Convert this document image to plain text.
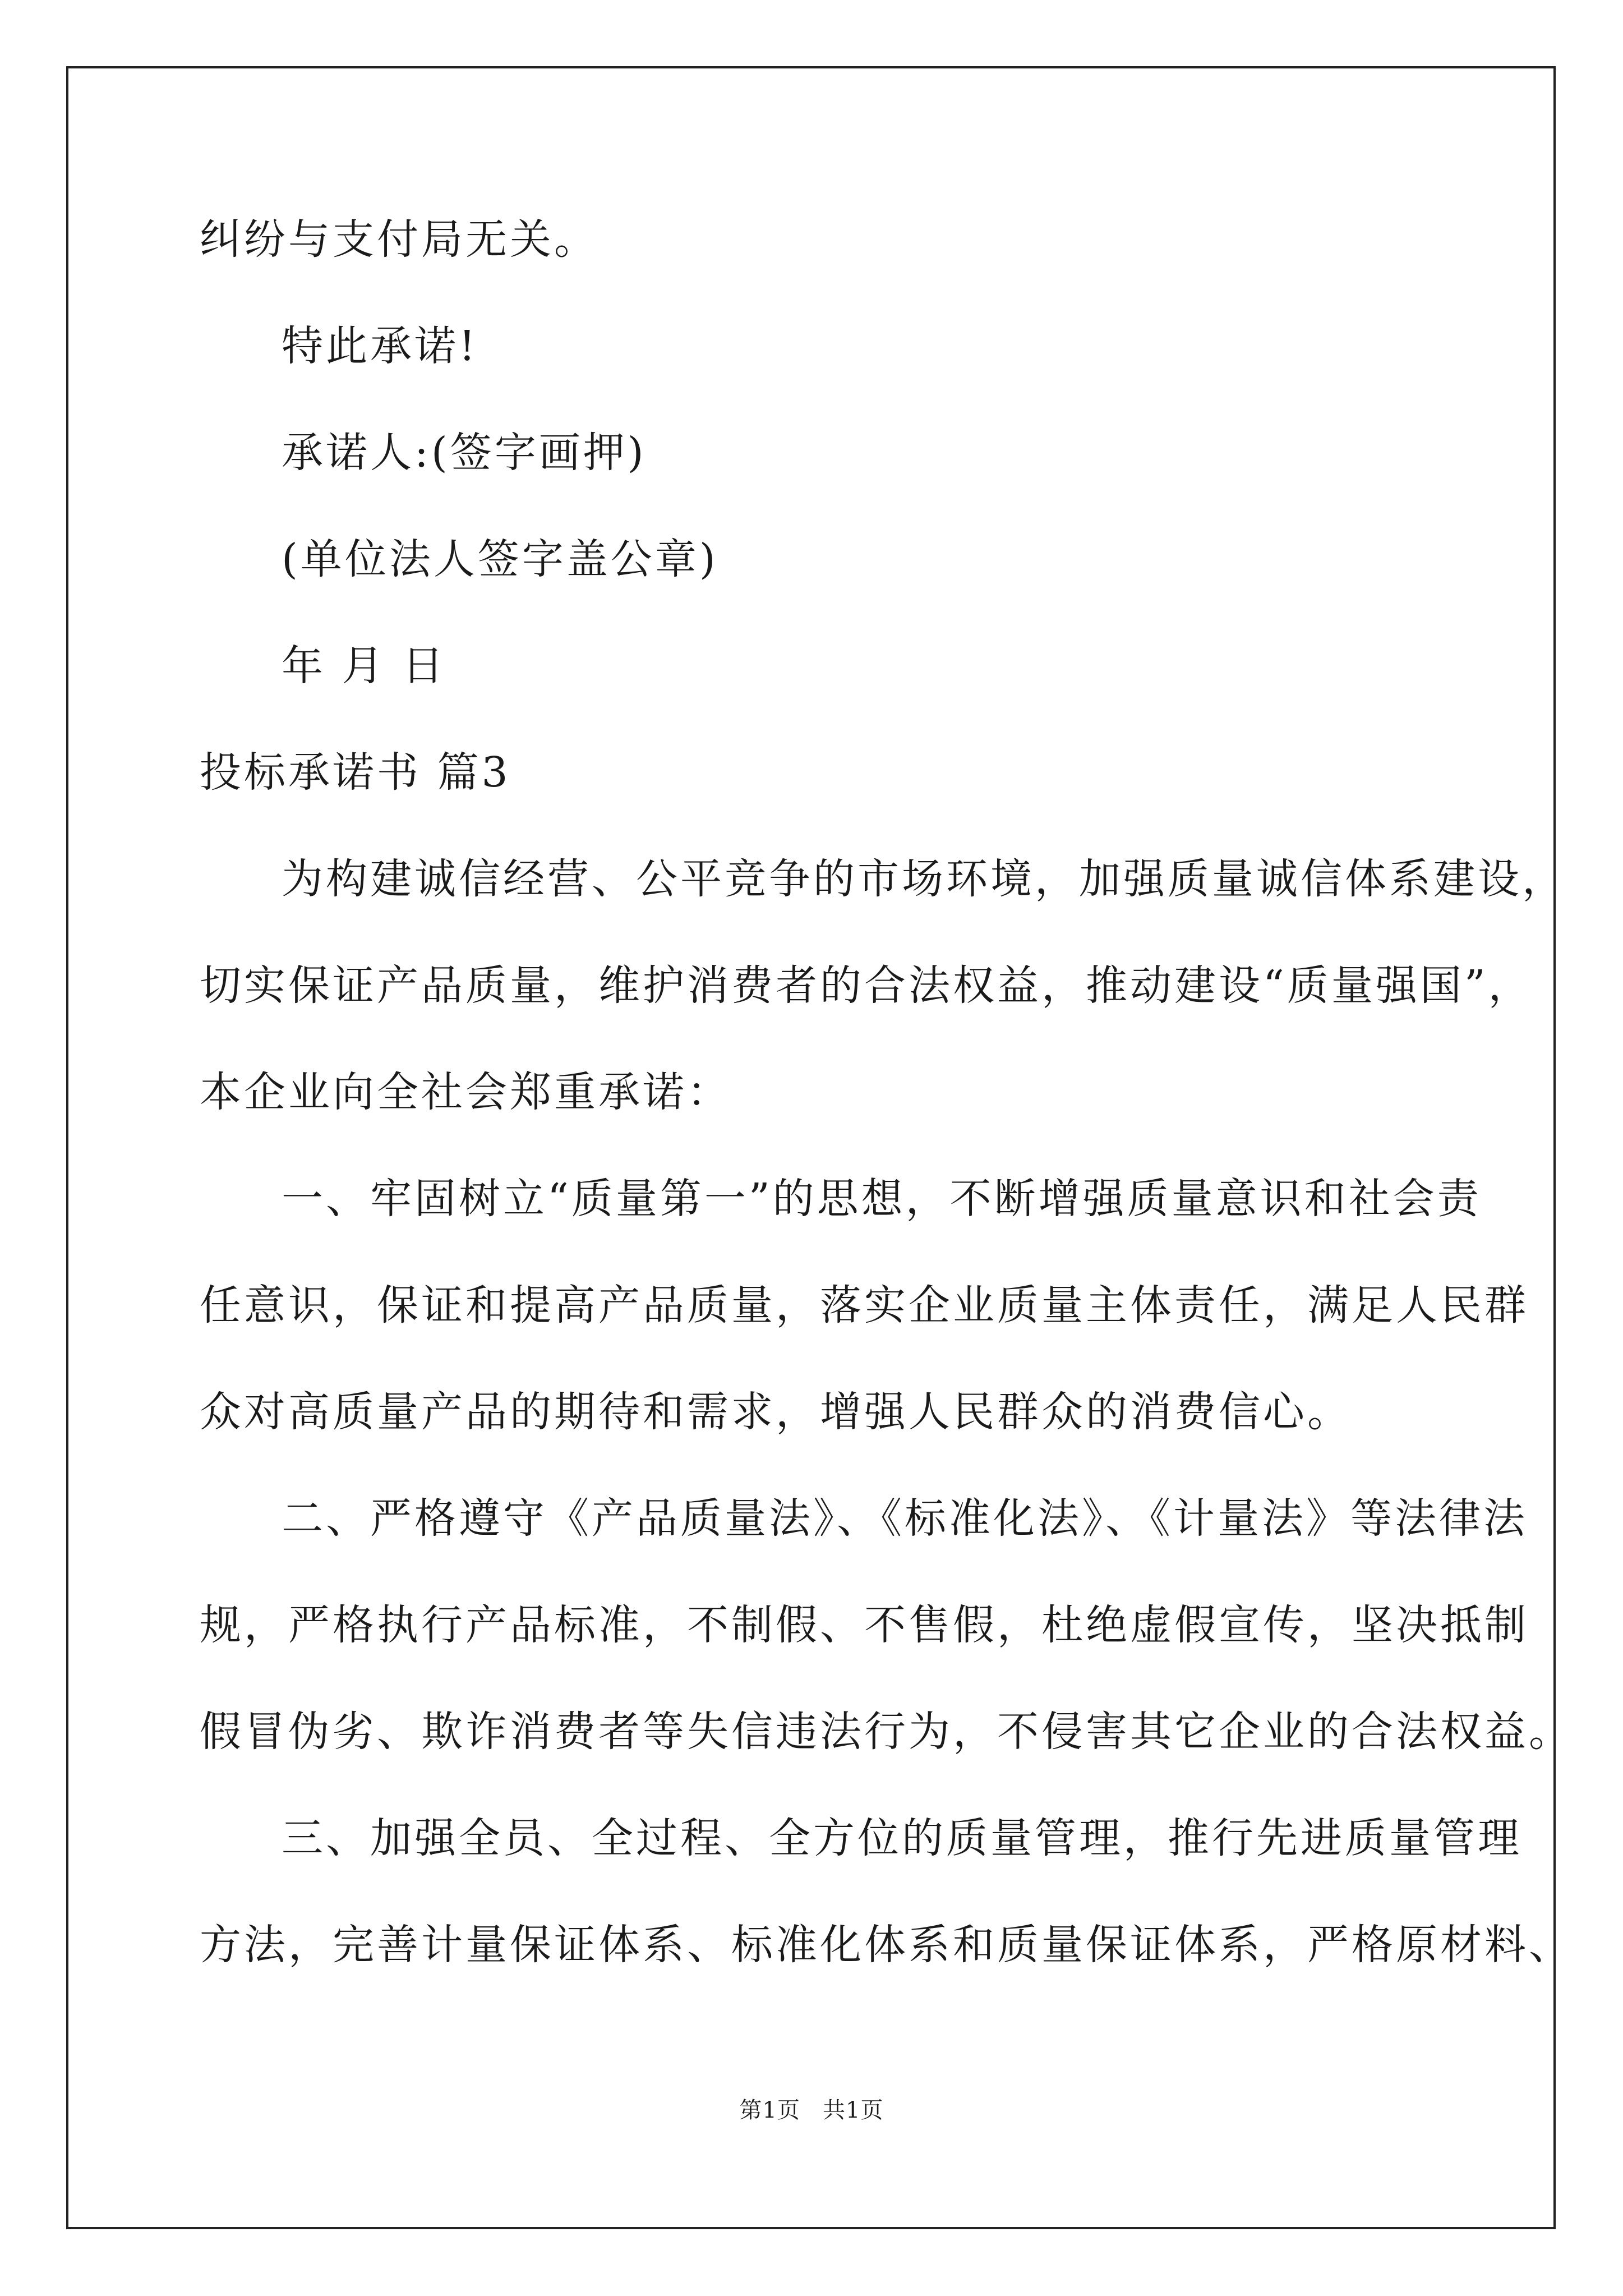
纠纷与支付局无关。
特此承诺!
承诺人:(签字画押)
(单位法人签字盖公章)
年 月 日
投标承诺书 篇3
为构建诚信经营、公平竞争的市场环境，加强质量诚信体系建设，
切实保证产品质量，维护消费者的合法权益，推动建设“质量强国”，
本企业向全社会郑重承诺：
一、牢固树立“质量第一”的思想，不断增强质量意识和社会责
任意识，保证和提高产品质量，落实企业质量主体责任，满足人民群
众对高质量产品的期待和需求，增强人民群众的消费信心。
二、严格遵守《产品质量法》、《标准化法》、《计量法》等法律法
规，严格执行产品标准，不制假、不售假，杜绝虚假宣传，坚决抵制
假冒伪劣、欺诈消费者等失信违法行为，不侵害其它企业的合法权益。
三、加强全员、全过程、全方位的质量管理，推行先进质量管理
方法，完善计量保证体系、标准化体系和质量保证体系，严格原材料、
第1页 共1页
